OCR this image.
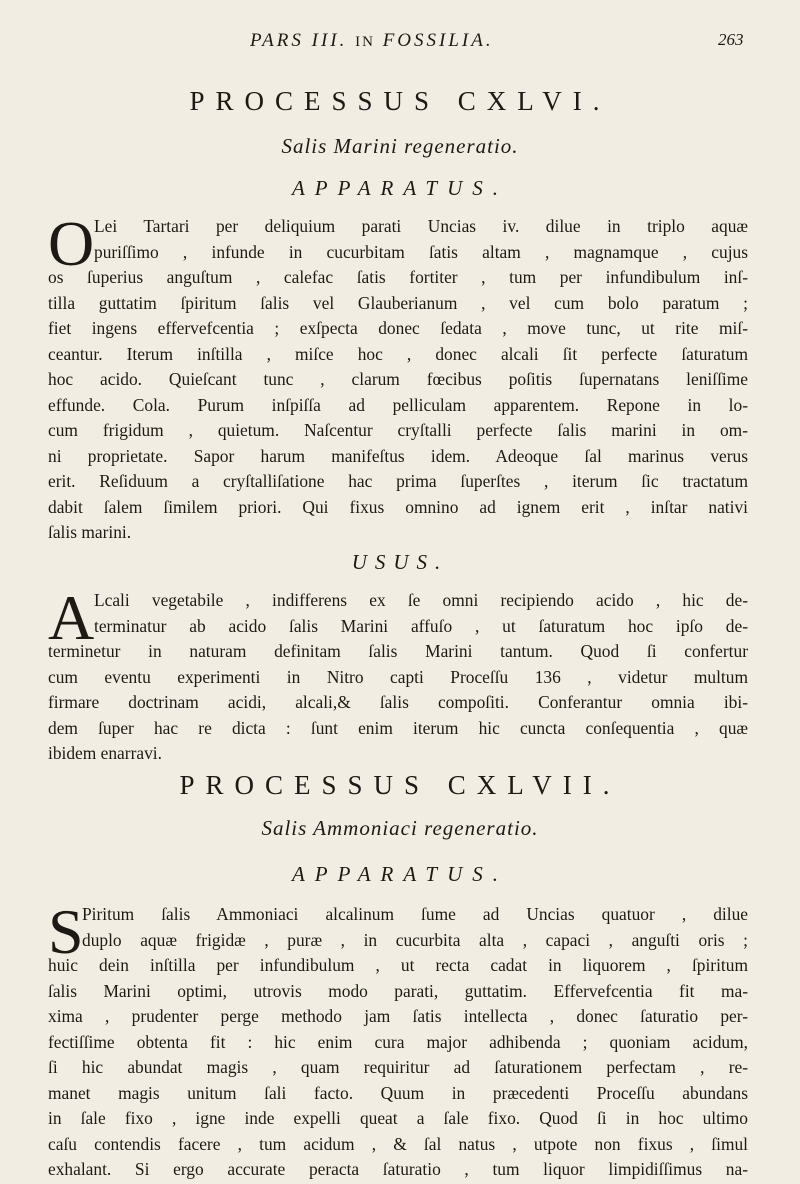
PARS III. IN FOSSILIA.	263
PROCESSUS CXLVI.
Salis Marini regeneratio.
APPARATUS.
O Lei Tartari per deliquium parati Uncias iv. dilue in triplo aquæ
puriſſimo , infunde in cucurbitam ſatis altam , magnamque , cujus
os ſuperius anguſtum , calefac ſatis fortiter , tum per infundibulum inſ-
tilla guttatim ſpiritum ſalis vel Glauberianum , vel cum bolo paratum ;
fiet ingens effervefcentia ; exſpecta donec ſedata , move tunc, ut rite miſ-
ceantur. Iterum inſtilla , miſce hoc , donec alcali ſit perfecte ſaturatum
hoc acido. Quieſcant tunc , clarum fœcibus poſitis ſupernatans leniſſime
effunde. Cola. Purum inſpiſſa ad pelliculam apparentem. Repone in lo-
cum frigidum , quietum. Naſcentur cryſtalli perfecte ſalis marini in om-
ni proprietate. Sapor harum manifeſtus idem. Adeoque ſal marinus verus
erit. Reſiduum a cryſtalliſatione hac prima ſuperſtes , iterum ſic tractatum
dabit ſalem ſimilem priori. Qui fixus omnino ad ignem erit , inſtar nativi
ſalis marini.
USUS.
A Lcali vegetabile , indifferens ex ſe omni recipiendo acido , hic de-
terminatur ab acido ſalis Marini affuſo , ut ſaturatum hoc ipſo de-
terminetur in naturam definitam ſalis Marini tantum. Quod ſi confertur
cum eventu experimenti in Nitro capti Proceſſu 136 , videtur multum
firmare doctrinam acidi, alcali,& ſalis compoſiti. Conferantur omnia ibi-
dem ſuper hac re dicta : ſunt enim iterum hic cuncta conſequentia , quæ
ibidem enarravi.
PROCESSUS CXLVII.
Salis Ammoniaci regeneratio.
APPARATUS.
S
Piritum ſalis Ammoniaci alcalinum ſume ad Uncias quatuor , dilue
duplo aquæ frigidæ , puræ , in cucurbita alta , capaci , anguſti oris ;
huic dein inſtilla per infundibulum , ut recta cadat in liquorem , ſpiritum
ſalis Marini optimi, utrovis modo parati, guttatim. Effervefcentia fit ma-
xima , prudenter perge methodo jam ſatis intellecta , donec ſaturatio per-
fectiſſime obtenta fit : hic enim cura major adhibenda ; quoniam acidum,
ſi hic abundat magis , quam requiritur ad ſaturationem perfectam , re-
manet magis unitum ſali facto. Quum in præcedenti Proceſſu abundans
in ſale fixo , igne inde expelli queat a ſale fixo. Quod ſi in hoc ultimo
caſu contendis facere , tum acidum , & ſal natus , utpote non fixus , ſimul
exhalant. Si ergo accurate peracta ſaturatio , tum liquor limpidiſſimus na-
